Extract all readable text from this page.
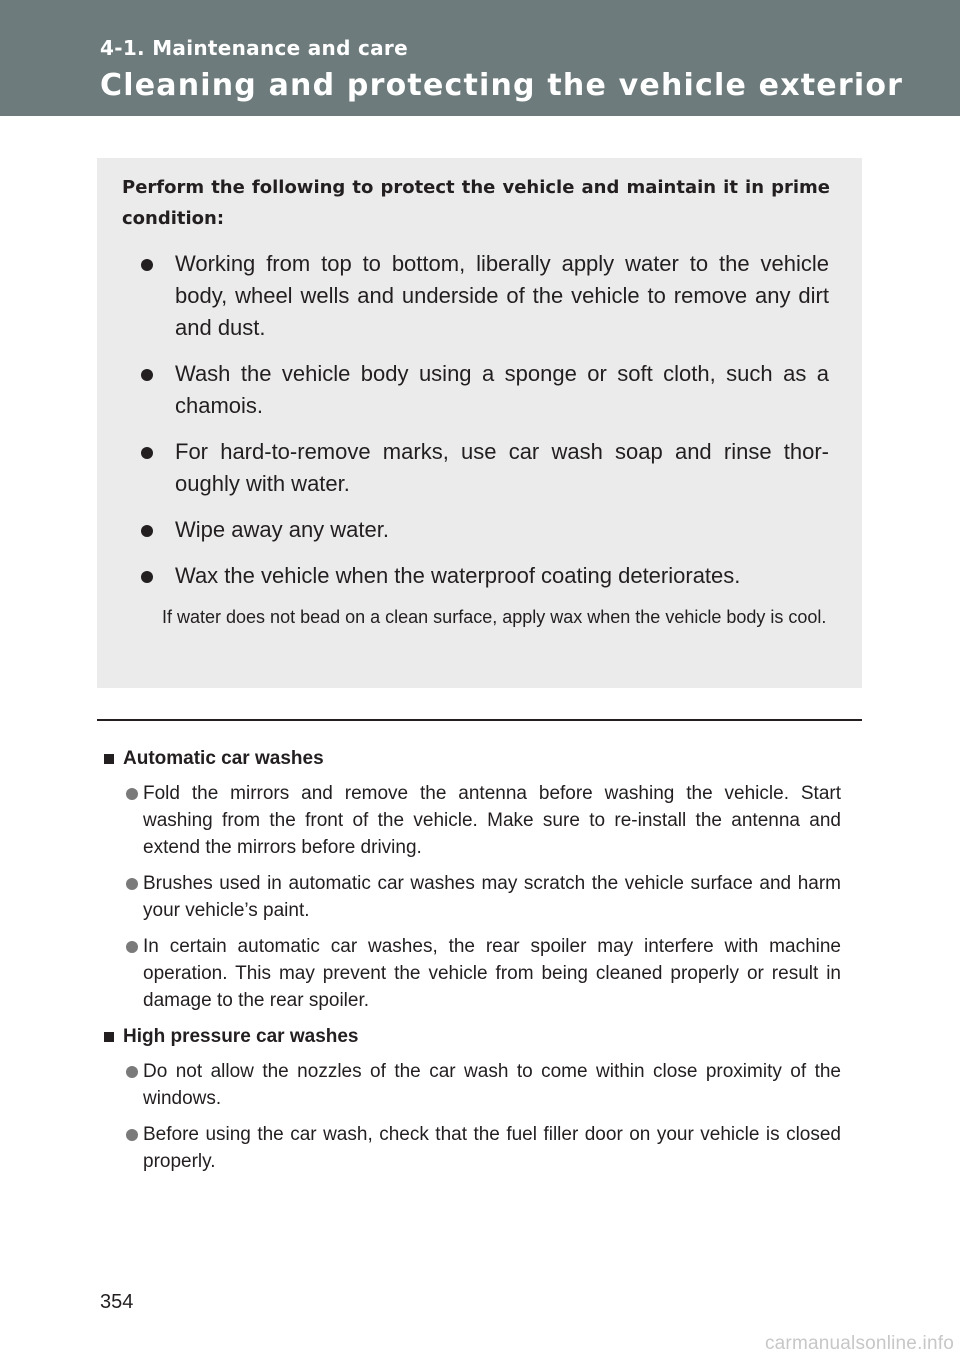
4-1. Maintenance and care
Cleaning and protecting the vehicle exterior
Perform the following to protect the vehicle and maintain it in prime condition:
Working from top to bottom, liberally apply water to the vehicle body, wheel wells and underside of the vehicle to remove any dirt and dust.
Wash the vehicle body using a sponge or soft cloth, such as a chamois.
For hard-to-remove marks, use car wash soap and rinse thor-oughly with water.
Wipe away any water.
Wax the vehicle when the waterproof coating deteriorates.
If water does not bead on a clean surface, apply wax when the vehicle body is cool.
Automatic car washes
Fold the mirrors and remove the antenna before washing the vehicle. Start washing from the front of the vehicle. Make sure to re-install the antenna and extend the mirrors before driving.
Brushes used in automatic car washes may scratch the vehicle surface and harm your vehicle’s paint.
In certain automatic car washes, the rear spoiler may interfere with machine operation. This may prevent the vehicle from being cleaned properly or result in damage to the rear spoiler.
High pressure car washes
Do not allow the nozzles of the car wash to come within close proximity of the windows.
Before using the car wash, check that the fuel filler door on your vehicle is closed properly.
354
carmanualsonline.info
